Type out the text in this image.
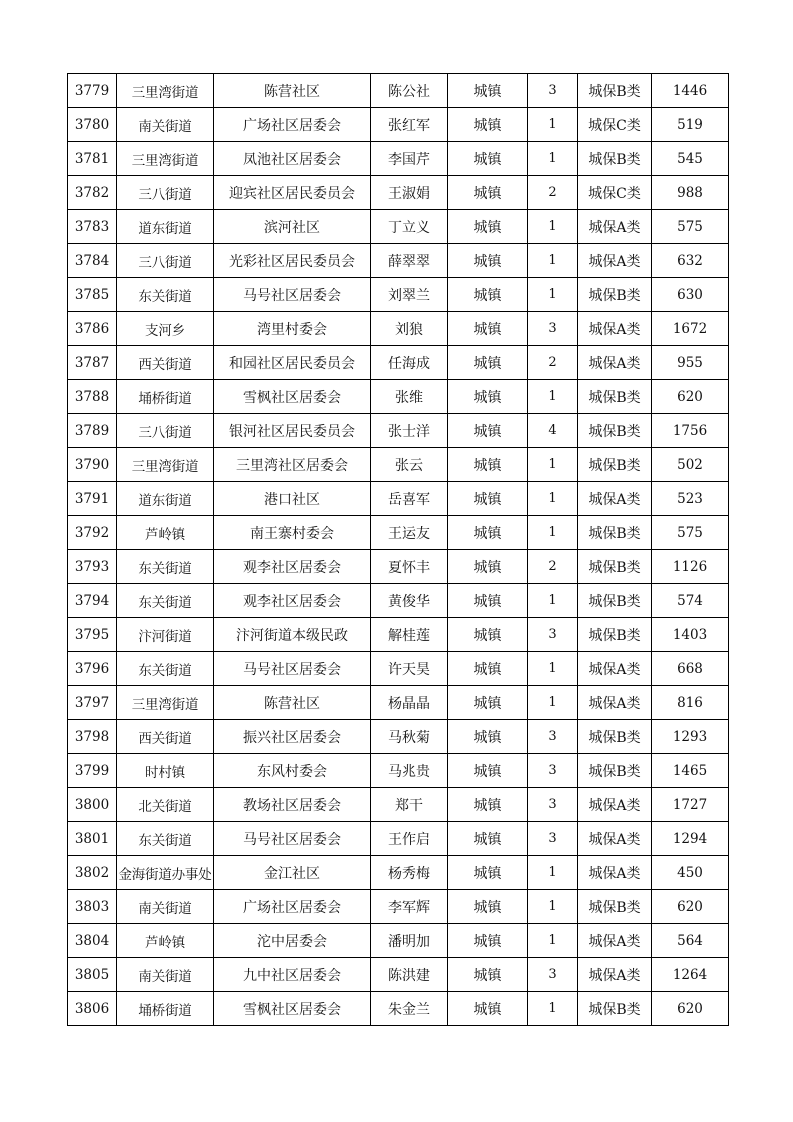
3779	三里湾街道	陈营社区	陈公社	城镇	3	城保B类	1446
3780	南关街道	广场社区居委会	张红军	城镇	1	城保C类	519
3781	三里湾街道	凤池社区居委会	李国芹	城镇	1	城保B类	545
3782	三八街道	迎宾社区居民委员会	王淑娟	城镇	2	城保C类	988
3783	道东街道	滨河社区	丁立义	城镇	1	城保A类	575
3784	三八街道	光彩社区居民委员会	薛翠翠	城镇	1	城保A类	632
3785	东关街道	马号社区居委会	刘翠兰	城镇	1	城保B类	630
3786	支河乡	湾里村委会	刘狼	城镇	3	城保A类	1672
3787	西关街道	和园社区居民委员会	任海成	城镇	2	城保A类	955
3788	埇桥街道	雪枫社区居委会	张维	城镇	1	城保B类	620
3789	三八街道	银河社区居民委员会	张士洋	城镇	4	城保B类	1756
3790	三里湾街道	三里湾社区居委会	张云	城镇	1	城保B类	502
3791	道东街道	港口社区	岳喜军	城镇	1	城保A类	523
3792	芦岭镇	南王寨村委会	王运友	城镇	1	城保B类	575
3793	东关街道	观李社区居委会	夏怀丰	城镇	2	城保B类	1126
3794	东关街道	观李社区居委会	黄俊华	城镇	1	城保B类	574
3795	汴河街道	汴河街道本级民政	解桂莲	城镇	3	城保B类	1403
3796	东关街道	马号社区居委会	许天昊	城镇	1	城保A类	668
3797	三里湾街道	陈营社区	杨晶晶	城镇	1	城保A类	816
3798	西关街道	振兴社区居委会	马秋菊	城镇	3	城保B类	1293
3799	时村镇	东风村委会	马兆贵	城镇	3	城保B类	1465
3800	北关街道	教场社区居委会	郑干	城镇	3	城保A类	1727
3801	东关街道	马号社区居委会	王作启	城镇	3	城保A类	1294
3802	金海街道办事处	金江社区	杨秀梅	城镇	1	城保A类	450
3803	南关街道	广场社区居委会	李军辉	城镇	1	城保B类	620
3804	芦岭镇	沱中居委会	潘明加	城镇	1	城保A类	564
3805	南关街道	九中社区居委会	陈洪建	城镇	3	城保A类	1264
3806	埇桥街道	雪枫社区居委会	朱金兰	城镇	1	城保B类	620
